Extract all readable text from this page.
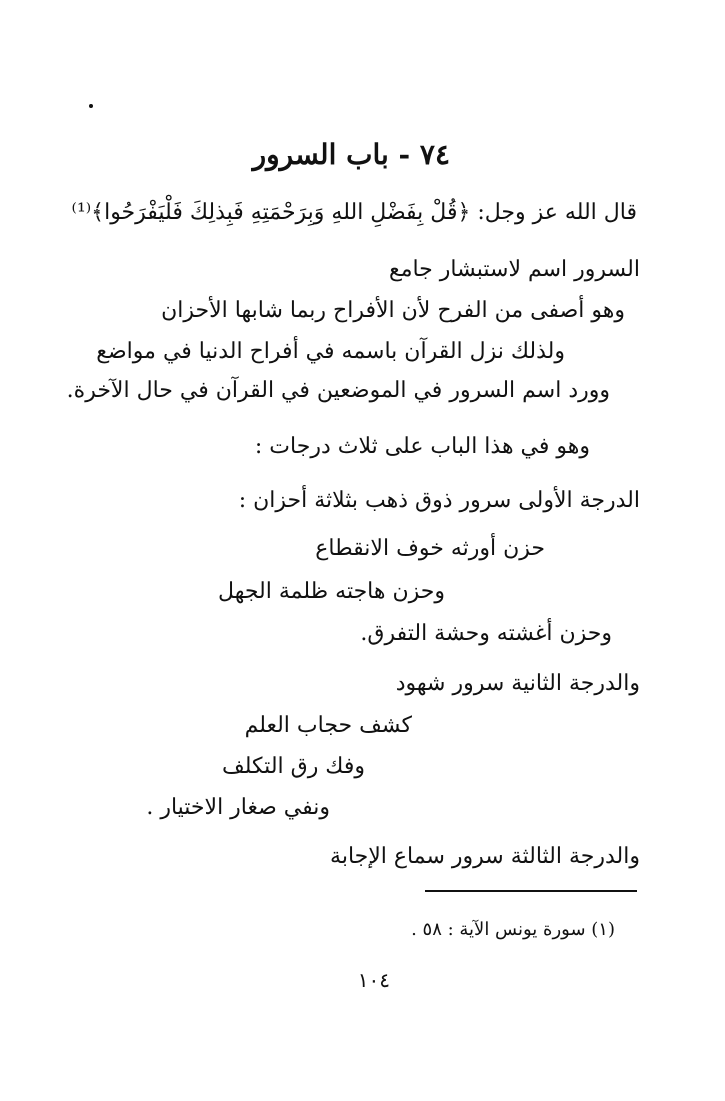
٧٤ - باب السرور
قال الله عز وجل: ﴿قُلْ بِفَضْلِ اللهِ وَبِرَحْمَتِهِ فَبِذلِكَ فَلْيَفْرَحُوا﴾⁽¹⁾
السرور اسم لاستبشار جامع
وهو أصفى من الفرح لأن الأفراح ربما شابها الأحزان
ولذلك نزل القرآن باسمه في أفراح الدنيا في مواضع
وورد اسم السرور في الموضعين في القرآن في حال الآخرة.
وهو في هذا الباب على ثلاث درجات :
الدرجة الأولى سرور ذوق ذهب بثلاثة أحزان :
حزن أورثه خوف الانقطاع
وحزن هاجته ظلمة الجهل
وحزن أغشته وحشة التفرق.
والدرجة الثانية سرور شهود
كشف حجاب العلم
وفك رق التكلف
ونفي صغار الاختيار .
والدرجة الثالثة سرور سماع الإجابة
(١) سورة يونس الآية : ٥٨ .
١٠٤
